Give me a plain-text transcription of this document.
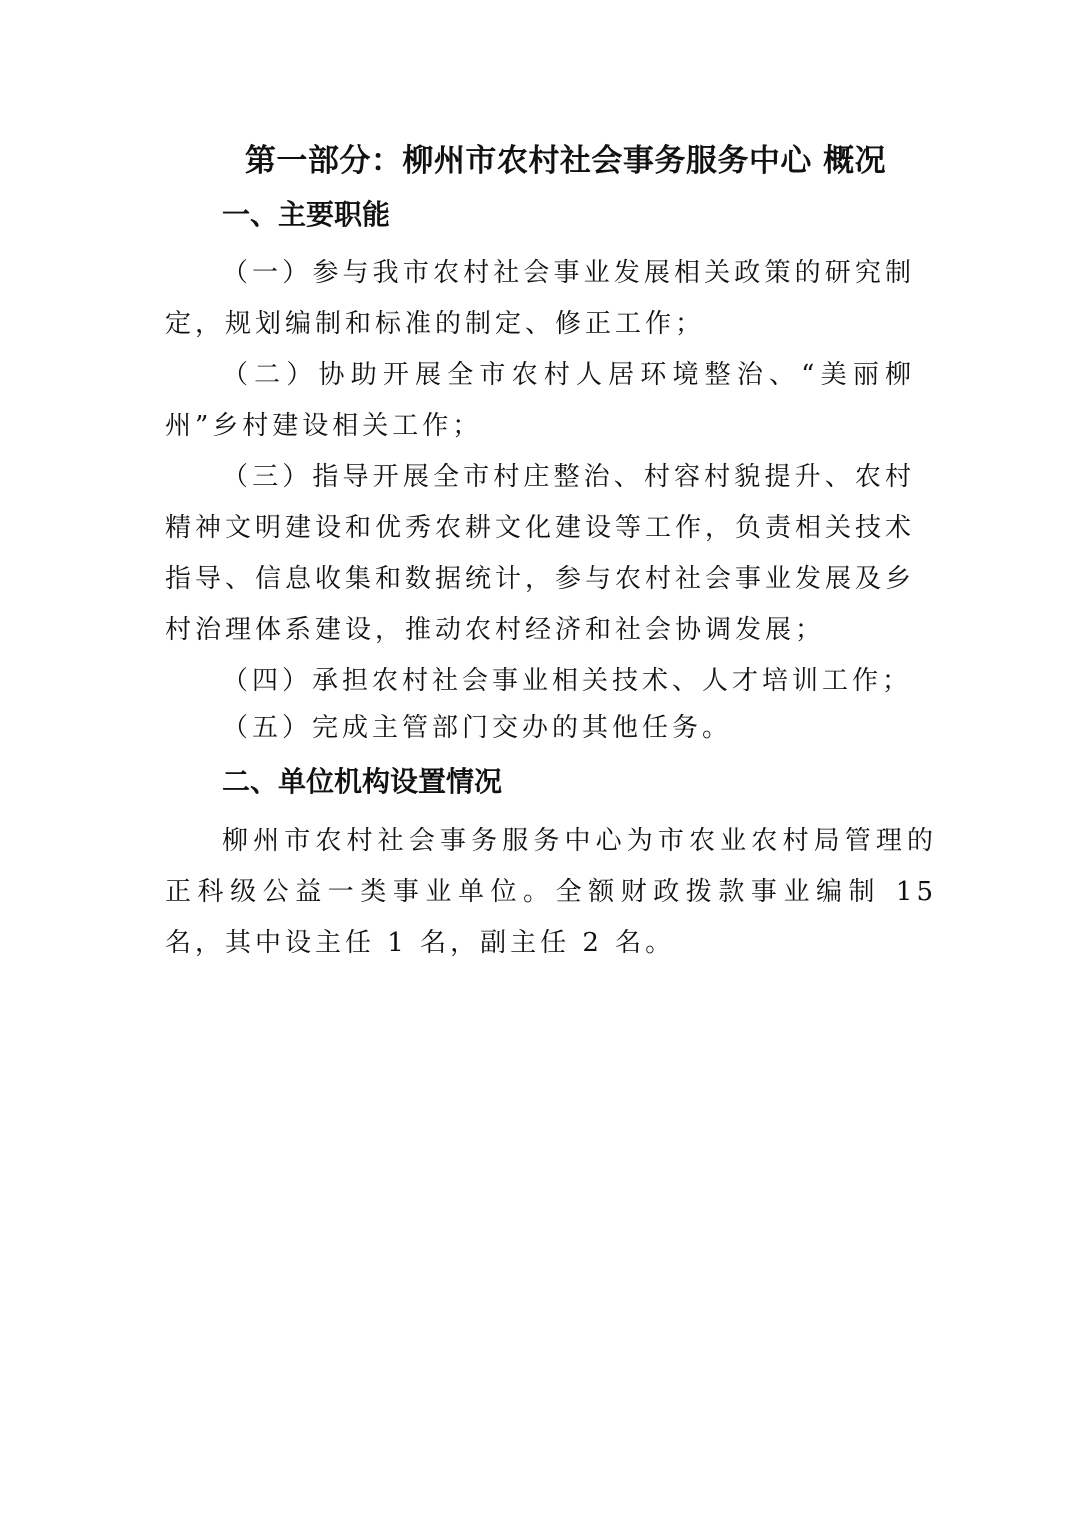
第一部分：柳州市农村社会事务服务中心 概况
一、主要职能

（一）参与我市农村社会事业发展相关政策的研究制定，规划编制和标准的制定、修正工作；

（二）协助开展全市农村人居环境整治、“美丽柳州”乡村建设相关工作；

（三）指导开展全市村庄整治、村容村貌提升、农村精神文明建设和优秀农耕文化建设等工作，负责相关技术指导、信息收集和数据统计，参与农村社会事业发展及乡村治理体系建设，推动农村经济和社会协调发展；

（四）承担农村社会事业相关技术、人才培训工作；

（五）完成主管部门交办的其他任务。

二、单位机构设置情况

柳州市农村社会事务服务中心为市农业农村局管理的正科级公益一类事业单位。全额财政拨款事业编制 15 名，其中设主任 1 名，副主任 2 名。
